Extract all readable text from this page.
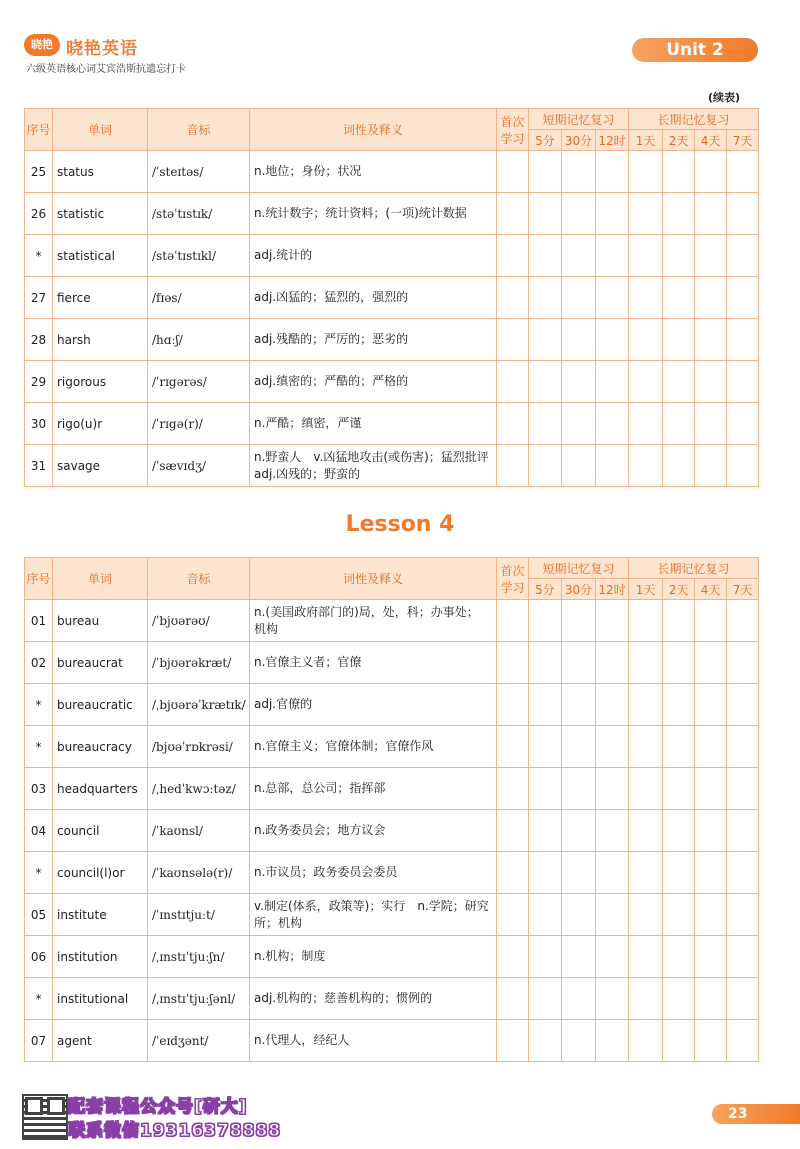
晓艳 晓艳英语
六级英语核心词艾宾浩斯抗遗忘打卡
Unit 2
(续表)
序号	单词	音标	词性及释义	首次学习	短期记忆复习			长期记忆复习			
					5分	30分	12时	1天	2天	4天	7天
25	status	/ˈsteɪtəs/	n.地位；身份；状况								
26	statistic	/stəˈtɪstɪk/	n.统计数字；统计资料；(一项)统计数据								
*	statistical	/stəˈtɪstɪkl/	adj.统计的								
27	fierce	/fɪəs/	adj.凶猛的；猛烈的，强烈的								
28	harsh	/hɑːʃ/	adj.残酷的；严厉的；恶劣的								
29	rigorous	/ˈrɪgərəs/	adj.缜密的；严酷的；严格的								
30	rigo(u)r	/ˈrɪgə(r)/	n.严酷；缜密，严谨								
31	savage	/ˈsævɪdʒ/	n.野蛮人　v.凶猛地攻击(或伤害)；猛烈批评　adj.凶残的；野蛮的								
Lesson 4
序号	单词	音标	词性及释义	首次学习	短期记忆复习			长期记忆复习			
					5分	30分	12时	1天	2天	4天	7天
01	bureau	/ˈbjʊərəʊ/	n.(美国政府部门的)局，处，科；办事处；机构								
02	bureaucrat	/ˈbjʊərəkræt/	n.官僚主义者；官僚								
*	bureaucratic	/ˌbjʊərəˈkrætɪk/	adj.官僚的								
*	bureaucracy	/bjʊəˈrɒkrəsi/	n.官僚主义；官僚体制；官僚作风								
03	headquarters	/ˌhedˈkwɔːtəz/	n.总部，总公司；指挥部								
04	council	/ˈkaʊnsl/	n.政务委员会；地方议会								
*	council(l)or	/ˈkaʊnsələ(r)/	n.市议员；政务委员会委员								
05	institute	/ˈɪnstɪtjuːt/	v.制定(体系，政策等)；实行　n.学院；研究所；机构								
06	institution	/ˌɪnstɪˈtjuːʃn/	n.机构；制度								
*	institutional	/ˌɪnstɪˈtjuːʃənl/	adj.机构的；慈善机构的；惯例的								
07	agent	/ˈeɪdʒənt/	n.代理人，经纪人								
配套课程公众号[研大]
联系微信19316378888
23
